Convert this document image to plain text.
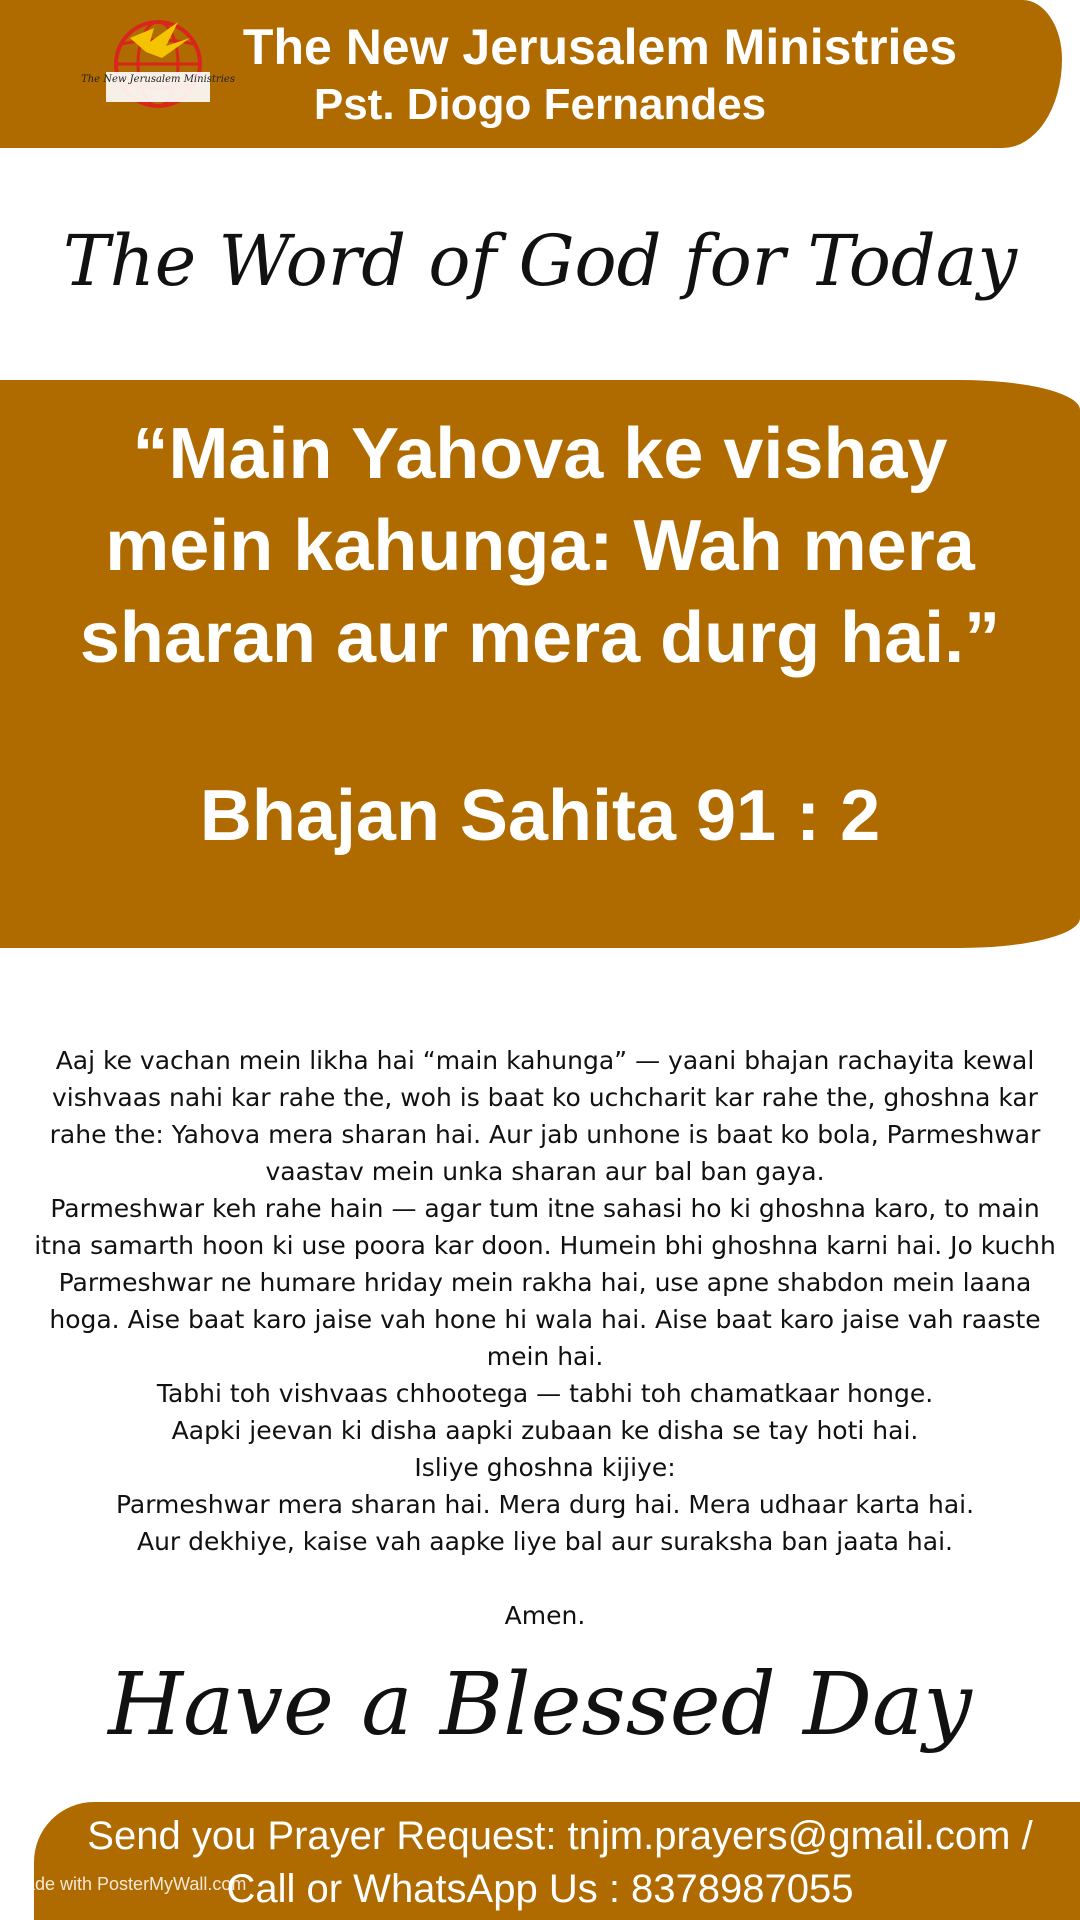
The New Jerusalem Ministries
The New Jerusalem Ministries
Pst. Diogo Fernandes
The Word of God for Today
“Main Yahova ke vishay mein kahunga: Wah mera sharan aur mera durg hai.”
Bhajan Sahita 91 : 2

Aaj ke vachan mein likha hai “main kahunga” — yaani bhajan rachayita kewal vishvaas nahi kar rahe the, woh is baat ko uchcharit kar rahe the, ghoshna kar rahe the: Yahova mera sharan hai. Aur jab unhone is baat ko bola, Parmeshwar vaastav mein unka sharan aur bal ban gaya.

Parmeshwar keh rahe hain — agar tum itne sahasi ho ki ghoshna karo, to main itna samarth hoon ki use poora kar doon. Humein bhi ghoshna karni hai. Jo kuchh Parmeshwar ne humare hriday mein rakha hai, use apne shabdon mein laana hoga. Aise baat karo jaise vah hone hi wala hai. Aise baat karo jaise vah raaste mein hai.

Tabhi toh vishvaas chhootega — tabhi toh chamatkaar honge.

Aapki jeevan ki disha aapki zubaan ke disha se tay hoti hai.

Isliye ghoshna kijiye:

Parmeshwar mera sharan hai. Mera durg hai. Mera udhaar karta hai.

Aur dekhiye, kaise vah aapke liye bal aur suraksha ban jaata hai.

Amen.

Have a Blessed Day
Send you Prayer Request: tnjm.prayers@gmail.com /
Call or WhatsApp Us : 8378987055
Made with PosterMyWall.com
